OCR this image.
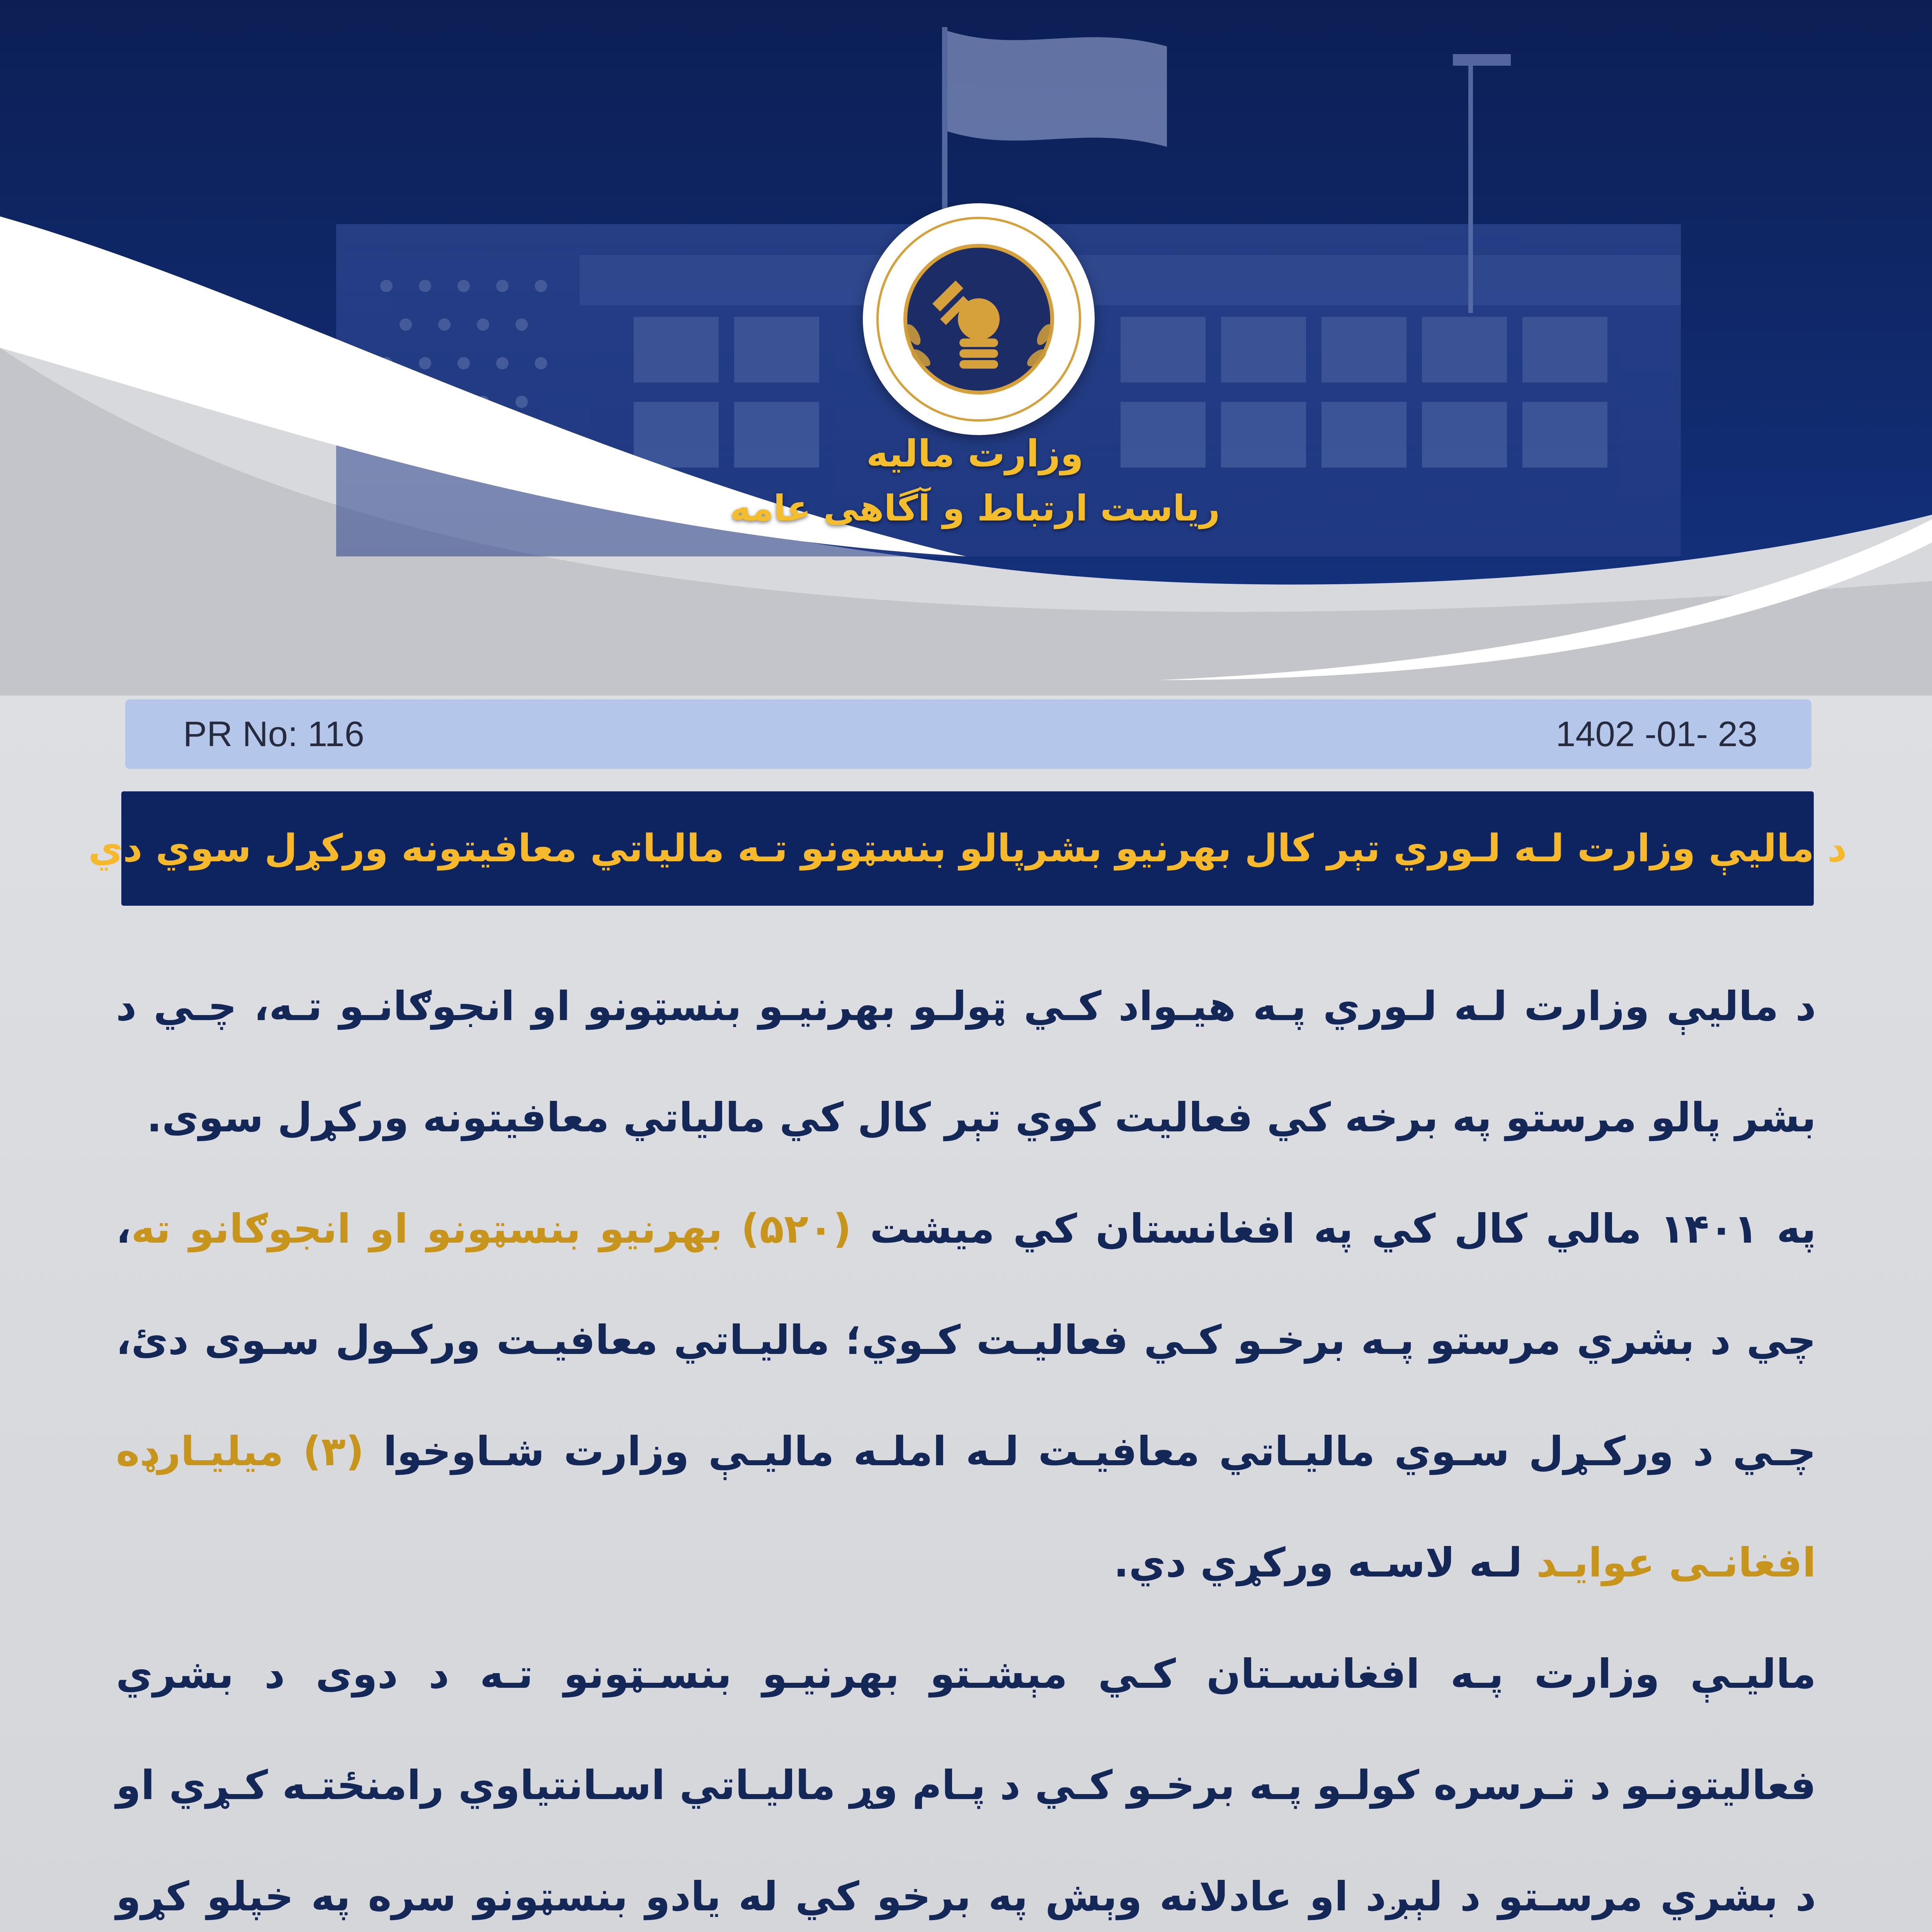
وزارت مالیه
ریاست ارتباط و آگاهی عامه
PR No: 116	1402 -01- 23
د مالیې وزارت لـه لـوري تېر کال بهرنیو بشرپالو بنسټونو تـه مالیاتي معافیتونه ورکړل سوي دي

د مالیې وزارت لـه لـوري پـه هیـواد کـي ټولـو بهرنیـو بنسټونو او انجوګانـو تـه، چـي د بشر پالو مرستو په برخه کي فعالیت کوي تېر کال کي مالیاتي معافیتونه ورکړل سوی.

په ۱۴۰۱ مالي کال کي په افغانستان کي میشت (۵۲۰) بهرنیو بنسټونو او انجوګانو ته، چي د بشري مرستو پـه برخـو کـي فعالیـت کـوي؛ مالیـاتي معافیـت ورکـول سـوی دئ، چـي د ورکـړل سـوي مالیـاتي معافیـت لـه املـه مالیـې وزارت شـاوخوا (۳) میلیـارډه افغانـی عوایـد لـه لاسـه ورکړي دي.

مالیـې وزارت پـه افغانسـتان کـي مېشـتو بهرنیـو بنسـټونو تـه د دوی د بشري فعالیتونـو د تـرسره کولـو پـه برخـو کـي د پـام وړ مالیـاتي اسـانتیاوي رامنځتـه کـړي او د بشري مرسـتو د لېږد او عادلانه وېش په برخو کي له یادو بنسټونو سره په خپلو کړو
